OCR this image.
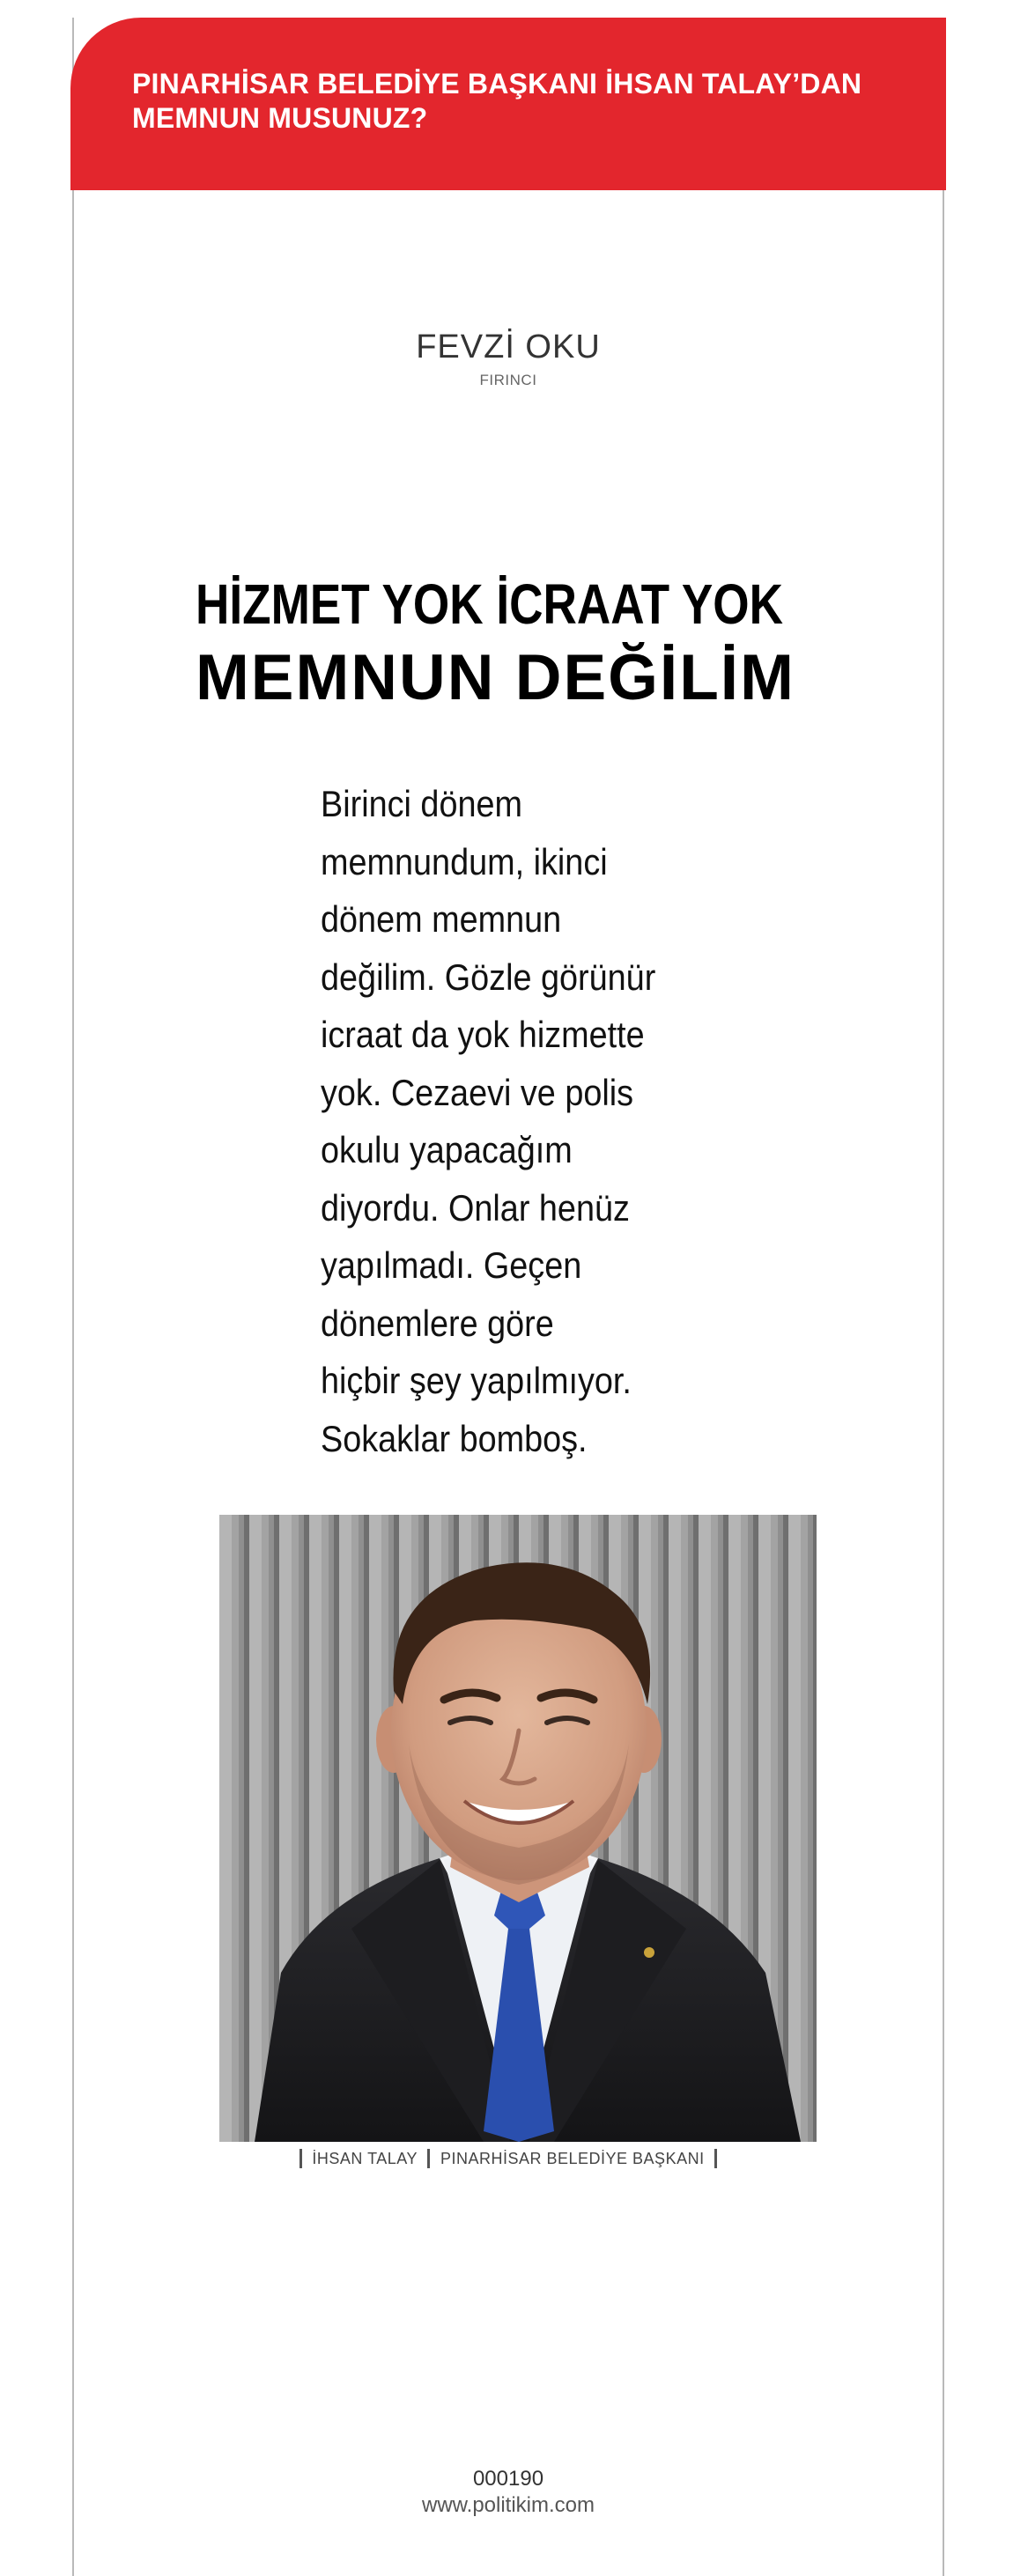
PINARHİSAR BELEDİYE BAŞKANI İHSAN TALAY’DAN
MEMNUN MUSUNUZ?
FEVZİ OKU
FIRINCI
HİZMET YOK İCRAAT YOK
MEMNUN DEĞİLİM

Birinci dönem
memnundum, ikinci
dönem memnun
değilim. Gözle görünür
icraat da yok hizmette
yok. Cezaevi ve polis
okulu yapacağım
diyordu. Onlar henüz
yapılmadı. Geçen
dönemlere göre
hiçbir şey yapılmıyor.
Sokaklar bomboş.

İHSAN TALAY PINARHİSAR BELEDİYE BAŞKANI
000190
www.politikim.com
